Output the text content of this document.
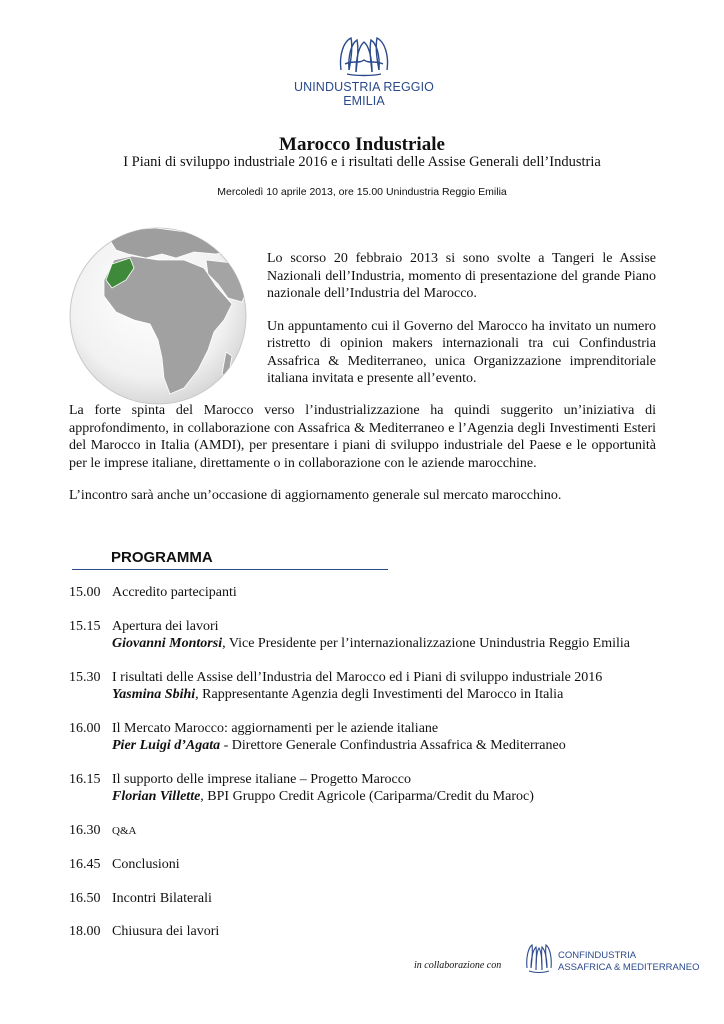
UNINDUSTRIA REGGIO EMILIA
Marocco Industriale
I Piani di sviluppo industriale 2016 e i risultati delle Assise Generali dell’Industria
Mercoledì 10 aprile 2013, ore 15.00 Unindustria Reggio Emilia

Lo scorso 20 febbraio 2013 si sono svolte a Tangeri le Assise Nazionali dell’Industria, momento di presentazione del grande Piano nazionale dell’Industria del Marocco.

Un appuntamento cui il Governo del Marocco ha invitato un numero ristretto di opinion makers internazionali tra cui Confindustria Assafrica & Mediterraneo, unica Organizzazione imprenditoriale italiana invitata e presente all’evento.

La forte spinta del Marocco verso l’industrializzazione ha quindi suggerito un’iniziativa di approfondimento, in collaborazione con Assafrica & Mediterraneo e l’Agenzia degli Investimenti Esteri del Marocco in Italia (AMDI), per presentare i piani di sviluppo industriale del Paese e le opportunità per le imprese italiane, direttamente o in collaborazione con le aziende marocchine.

L’incontro sarà anche un’occasione di aggiornamento generale sul mercato marocchino.

PROGRAMMA
15.00 Accredito partecipanti
15.15 Apertura dei lavori
Giovanni Montorsi, Vice Presidente per l’internazionalizzazione Unindustria Reggio Emilia
15.30 I risultati delle Assise dell’Industria del Marocco ed i Piani di sviluppo industriale 2016
Yasmina Sbihi, Rappresentante Agenzia degli Investimenti del Marocco in Italia
16.00 Il Mercato Marocco: aggiornamenti per le aziende italiane
Pier Luigi d’Agata - Direttore Generale Confindustria Assafrica & Mediterraneo
16.15 Il supporto delle imprese italiane – Progetto Marocco
Florian Villette, BPI Gruppo Credit Agricole (Cariparma/Credit du Maroc)
16.30	Q&A
16.45 Conclusioni
16.50 Incontri Bilaterali
18.00 Chiusura dei lavori
in collaborazione con
CONFINDUSTRIA
ASSAFRICA & MEDITERRANEO
